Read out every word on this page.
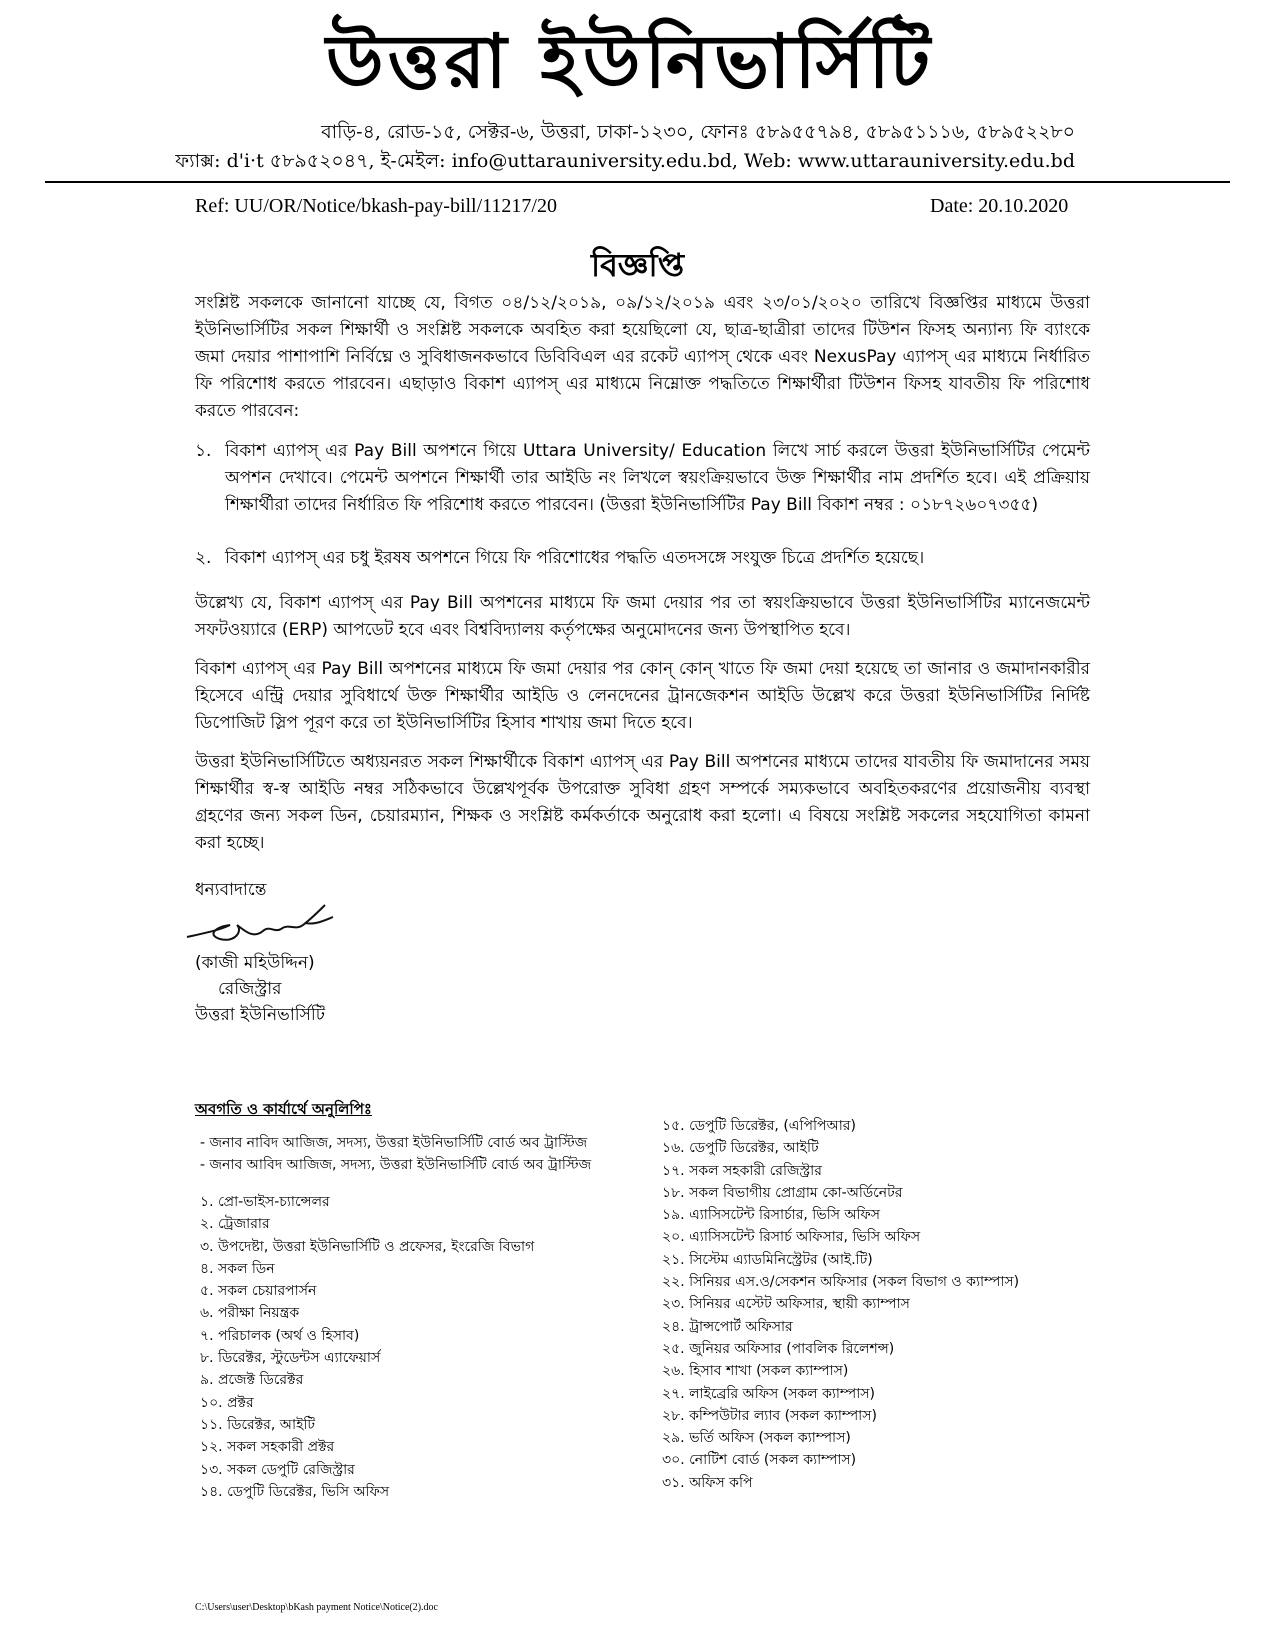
উত্তরা ইউনিভার্সিটি
বাড়ি-৪, রোড-১৫, সেক্টর-৬, উত্তরা, ঢাকা-১২৩০, ফোনঃ ৫৮৯৫৫৭৯৪, ৫৮৯৫১১১৬, ৫৮৯৫২২৮০
ফ্যাক্স: d'i·t ৫৮৯৫২০৪৭, ই-মেইল: info@uttarauniversity.edu.bd, Web: www.uttarauniversity.edu.bd
Ref: UU/OR/Notice/bkash-pay-bill/11217/20	Date: 20.10.2020
বিজ্ঞপ্তি
সংশ্লিষ্ট সকলকে জানানো যাচ্ছে যে, বিগত ০৪/১২/২০১৯, ০৯/১২/২০১৯ এবং ২৩/০১/২০২০ তারিখে বিজ্ঞপ্তির মাধ্যমে উত্তরা ইউনিভার্সিটির সকল শিক্ষার্থী ও সংশ্লিষ্ট সকলকে অবহিত করা হয়েছিলো যে, ছাত্র-ছাত্রীরা তাদের টিউশন ফিসহ অন্যান্য ফি ব্যাংকে জমা দেয়ার পাশাপাশি নির্বিঘ্নে ও সুবিধাজনকভাবে ডিবিবিএল এর রকেট এ্যাপস্ থেকে এবং NexusPay এ্যাপস্ এর মাধ্যমে নির্ধারিত ফি পরিশোধ করতে পারবেন। এছাড়াও বিকাশ এ্যাপস্ এর মাধ্যমে নিম্নোক্ত পদ্ধতিতে শিক্ষার্থীরা টিউশন ফিসহ যাবতীয় ফি পরিশোধ করতে পারবেন:
১. বিকাশ এ্যাপস্ এর Pay Bill অপশনে গিয়ে Uttara University/ Education লিখে সার্চ করলে উত্তরা ইউনিভার্সিটির পেমেন্ট অপশন দেখাবে। পেমেন্ট অপশনে শিক্ষার্থী তার আইডি নং লিখলে স্বয়ংক্রিয়ভাবে উক্ত শিক্ষার্থীর নাম প্রদর্শিত হবে। এই প্রক্রিয়ায় শিক্ষার্থীরা তাদের নির্ধারিত ফি পরিশোধ করতে পারবেন। (উত্তরা ইউনিভার্সিটির Pay Bill বিকাশ নম্বর : ০১৮৭২৬০৭৩৫৫)
২. বিকাশ এ্যাপস্ এর চধু ইরষষ অপশনে গিয়ে ফি পরিশোধের পদ্ধতি এতদসঙ্গে সংযুক্ত চিত্রে প্রদর্শিত হয়েছে।
উল্লেখ্য যে, বিকাশ এ্যাপস্ এর Pay Bill অপশনের মাধ্যমে ফি জমা দেয়ার পর তা স্বয়ংক্রিয়ভাবে উত্তরা ইউনিভার্সিটির ম্যানেজমেন্ট সফটওয়্যারে (ERP) আপডেট হবে এবং বিশ্ববিদ্যালয় কর্তৃপক্ষের অনুমোদনের জন্য উপস্থাপিত হবে।
বিকাশ এ্যাপস্ এর Pay Bill অপশনের মাধ্যমে ফি জমা দেয়ার পর কোন্ কোন্ খাতে ফি জমা দেয়া হয়েছে তা জানার ও জমাদানকারীর হিসেবে এন্ট্রি দেয়ার সুবিধার্থে উক্ত শিক্ষার্থীর আইডি ও লেনদেনের ট্রানজেকশন আইডি উল্লেখ করে উত্তরা ইউনিভার্সিটির নির্দিষ্ট ডিপোজিট স্লিপ পূরণ করে তা ইউনিভার্সিটির হিসাব শাখায় জমা দিতে হবে।
উত্তরা ইউনিভার্সিটিতে অধ্যয়নরত সকল শিক্ষার্থীকে বিকাশ এ্যাপস্ এর Pay Bill অপশনের মাধ্যমে তাদের যাবতীয় ফি জমাদানের সময় শিক্ষার্থীর স্ব-স্ব আইডি নম্বর সঠিকভাবে উল্লেখপূর্বক উপরোক্ত সুবিধা গ্রহণ সম্পর্কে সম্যকভাবে অবহিতকরণের প্রয়োজনীয় ব্যবস্থা গ্রহণের জন্য সকল ডিন, চেয়ারম্যান, শিক্ষক ও সংশ্লিষ্ট কর্মকর্তাকে অনুরোধ করা হলো। এ বিষয়ে সংশ্লিষ্ট সকলের সহযোগিতা কামনা করা হচ্ছে।
ধন্যবাদান্তে
(কাজী মহিউদ্দিন)
রেজিস্ট্রার
উত্তরা ইউনিভার্সিটি
অবগতি ও কার্যার্থে অনুলিপিঃ
- জনাব নাবিদ আজিজ, সদস্য, উত্তরা ইউনিভার্সিটি বোর্ড অব ট্রাস্টিজ
- জনাব আবিদ আজিজ, সদস্য, উত্তরা ইউনিভার্সিটি বোর্ড অব ট্রাস্টিজ
১. প্রো-ভাইস-চ্যান্সেলর
২. ট্রেজারার
৩. উপদেষ্টা, উত্তরা ইউনিভার্সিটি ও প্রফেসর, ইংরেজি বিভাগ
৪. সকল ডিন
৫. সকল চেয়ারপার্সন
৬. পরীক্ষা নিয়ন্ত্রক
৭. পরিচালক (অর্থ ও হিসাব)
৮. ডিরেক্টর, স্টুডেন্টস এ্যাফেয়ার্স
৯. প্রজেক্ট ডিরেক্টর
১০. প্রক্টর
১১. ডিরেক্টর, আইটি
১২. সকল সহকারী প্রক্টর
১৩. সকল ডেপুটি রেজিস্ট্রার
১৪. ডেপুটি ডিরেক্টর, ভিসি অফিস
১৫. ডেপুটি ডিরেক্টর, (এপিপিআর)
১৬. ডেপুটি ডিরেক্টর, আইটি
১৭. সকল সহকারী রেজিস্ট্রার
১৮. সকল বিভাগীয় প্রোগ্রাম কো-অর্ডিনেটর
১৯. এ্যাসিসটেন্ট রিসার্চার, ভিসি অফিস
২০. এ্যাসিসটেন্ট রিসার্চ অফিসার, ভিসি অফিস
২১. সিস্টেম এ্যাডমিনিস্ট্রেটর (আই.টি)
২২. সিনিয়র এস.ও/সেকশন অফিসার (সকল বিভাগ ও ক্যাম্পাস)
২৩. সিনিয়র এস্টেট অফিসার, স্থায়ী ক্যাম্পাস
২৪. ট্রান্সপোর্ট অফিসার
২৫. জুনিয়র অফিসার (পাবলিক রিলেশন্স)
২৬. হিসাব শাখা (সকল ক্যাম্পাস)
২৭. লাইব্রেরি অফিস (সকল ক্যাম্পাস)
২৮. কম্পিউটার ল্যাব (সকল ক্যাম্পাস)
২৯. ভর্তি অফিস (সকল ক্যাম্পাস)
৩০. নোটিশ বোর্ড (সকল ক্যাম্পাস)
৩১. অফিস কপি
C:\Users\user\Desktop\bKash payment Notice\Notice(2).doc
